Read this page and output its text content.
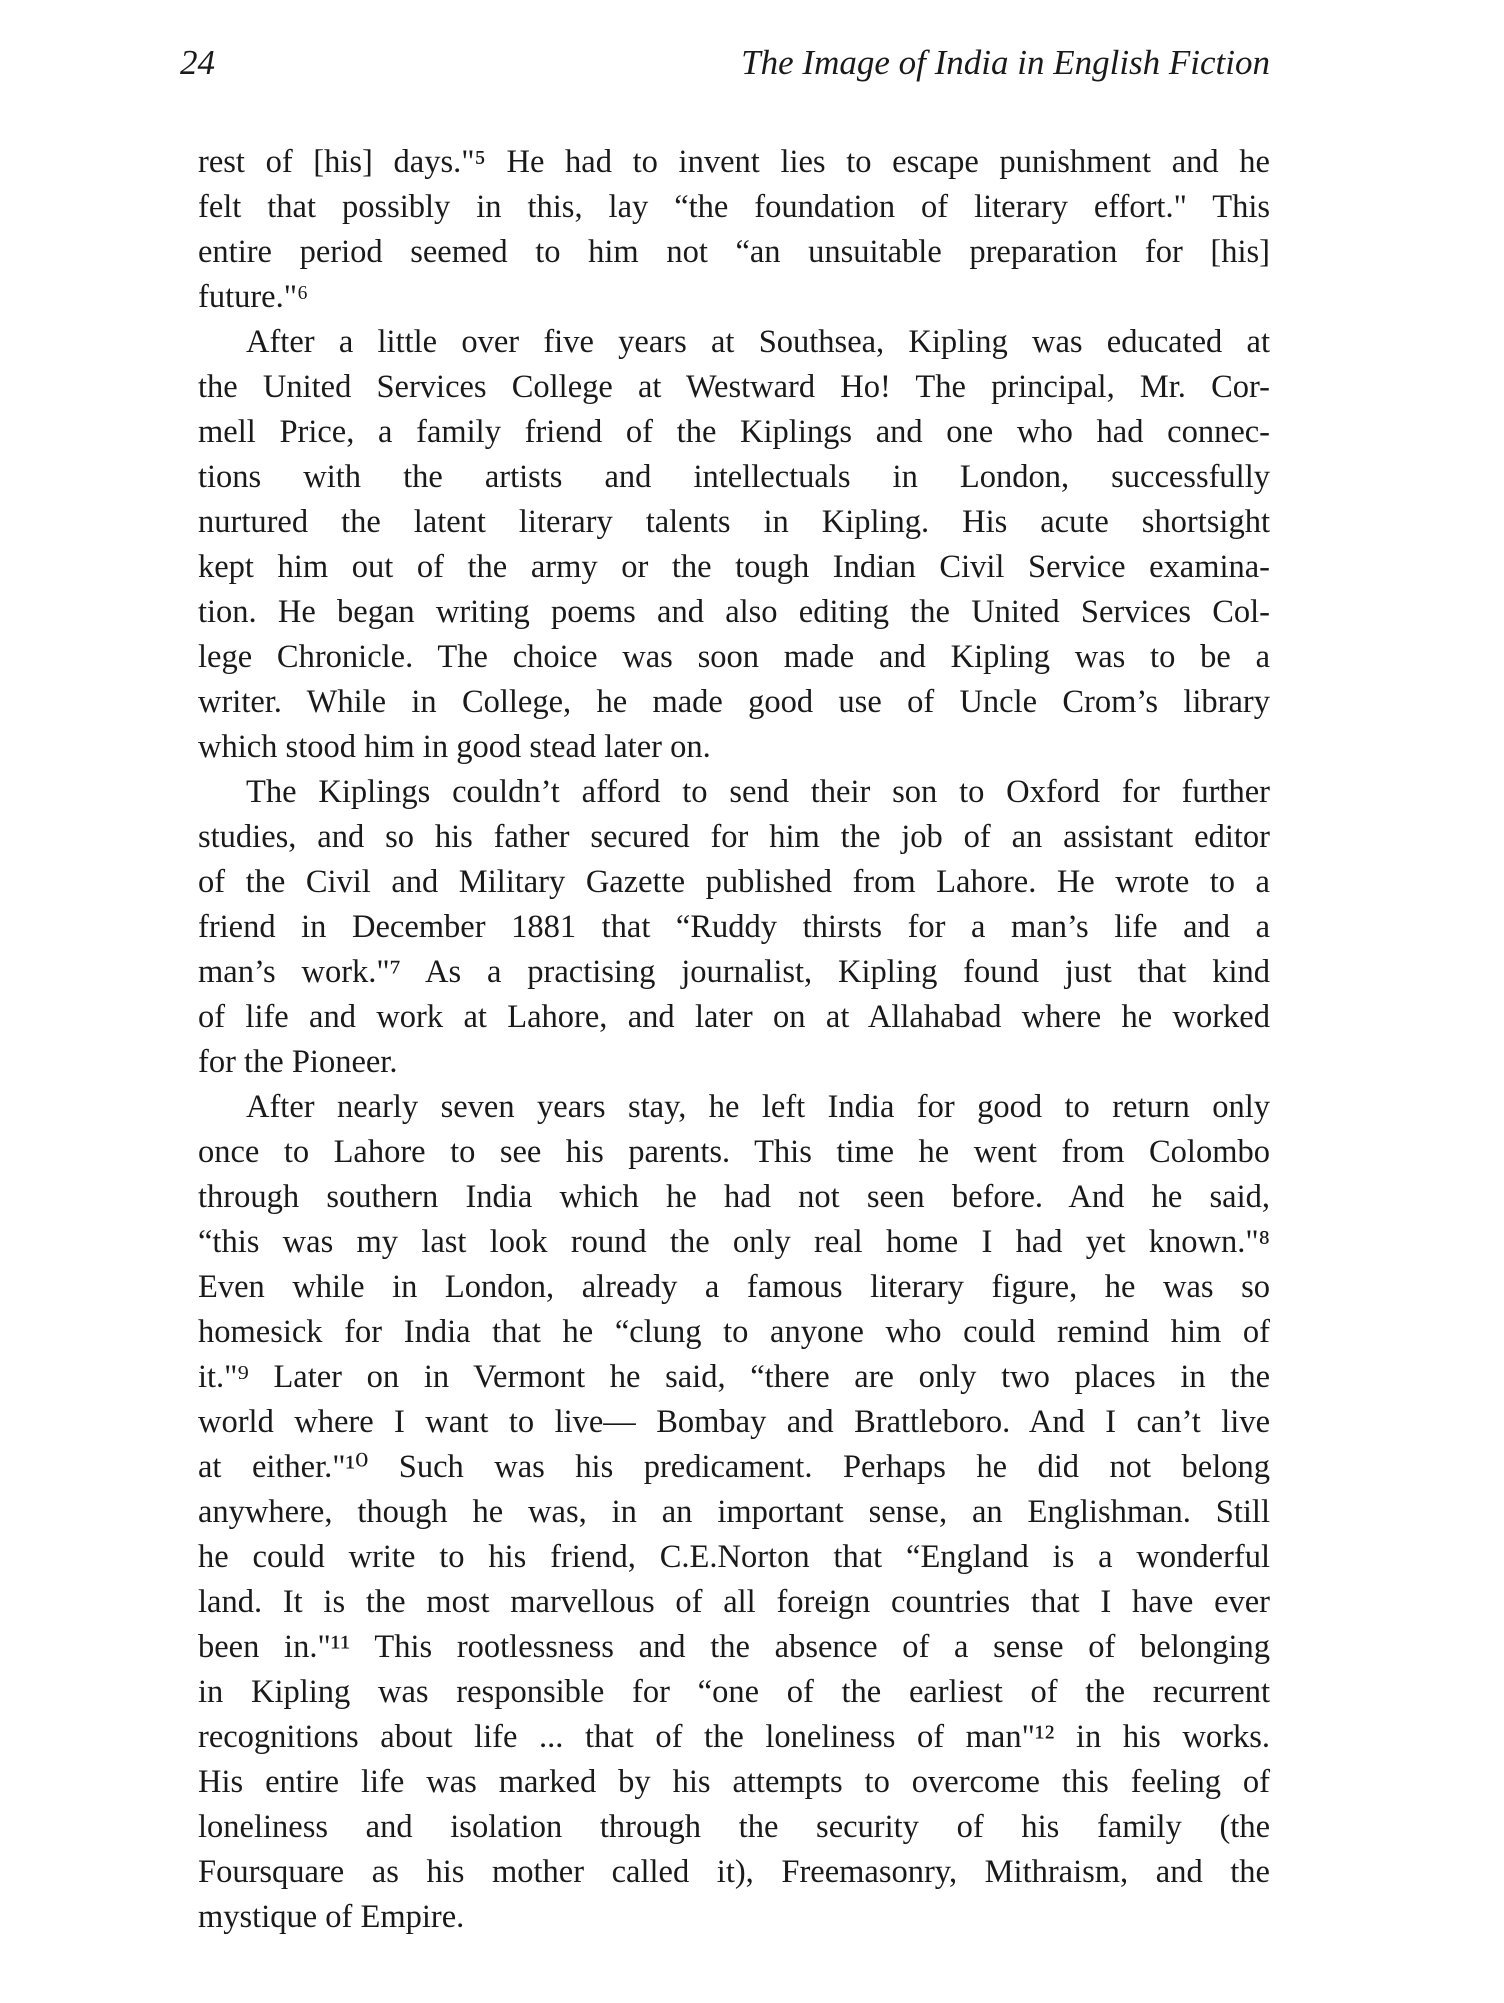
24	The Image of India in English Fiction
rest of [his] days."⁵ He had to invent lies to escape punishment and he
felt that possibly in this, lay “the foundation of literary effort." This
entire period seemed to him not “an unsuitable preparation for [his]
future."⁶
After a little over five years at Southsea, Kipling was educated at
the United Services College at Westward Ho! The principal, Mr. Cor-
mell Price, a family friend of the Kiplings and one who had connec-
tions with the artists and intellectuals in London, successfully
nurtured the latent literary talents in Kipling. His acute shortsight
kept him out of the army or the tough Indian Civil Service examina-
tion. He began writing poems and also editing the United Services Col-
lege Chronicle. The choice was soon made and Kipling was to be a
writer. While in College, he made good use of Uncle Crom’s library
which stood him in good stead later on.
The Kiplings couldn’t afford to send their son to Oxford for further
studies, and so his father secured for him the job of an assistant editor
of the Civil and Military Gazette published from Lahore. He wrote to a
friend in December 1881 that “Ruddy thirsts for a man’s life and a
man’s work."⁷ As a practising journalist, Kipling found just that kind
of life and work at Lahore, and later on at Allahabad where he worked
for the Pioneer.
After nearly seven years stay, he left India for good to return only
once to Lahore to see his parents. This time he went from Colombo
through southern India which he had not seen before. And he said,
“this was my last look round the only real home I had yet known."⁸
Even while in London, already a famous literary figure, he was so
homesick for India that he “clung to anyone who could remind him of
it."⁹ Later on in Vermont he said, “there are only two places in the
world where I want to live— Bombay and Brattleboro. And I can’t live
at either."¹⁰ Such was his predicament. Perhaps he did not belong
anywhere, though he was, in an important sense, an Englishman. Still
he could write to his friend, C.E.Norton that “England is a wonderful
land. It is the most marvellous of all foreign countries that I have ever
been in."¹¹ This rootlessness and the absence of a sense of belonging
in Kipling was responsible for “one of the earliest of the recurrent
recognitions about life ... that of the loneliness of man"¹² in his works.
His entire life was marked by his attempts to overcome this feeling of
loneliness and isolation through the security of his family (the
Foursquare as his mother called it), Freemasonry, Mithraism, and the
mystique of Empire.
